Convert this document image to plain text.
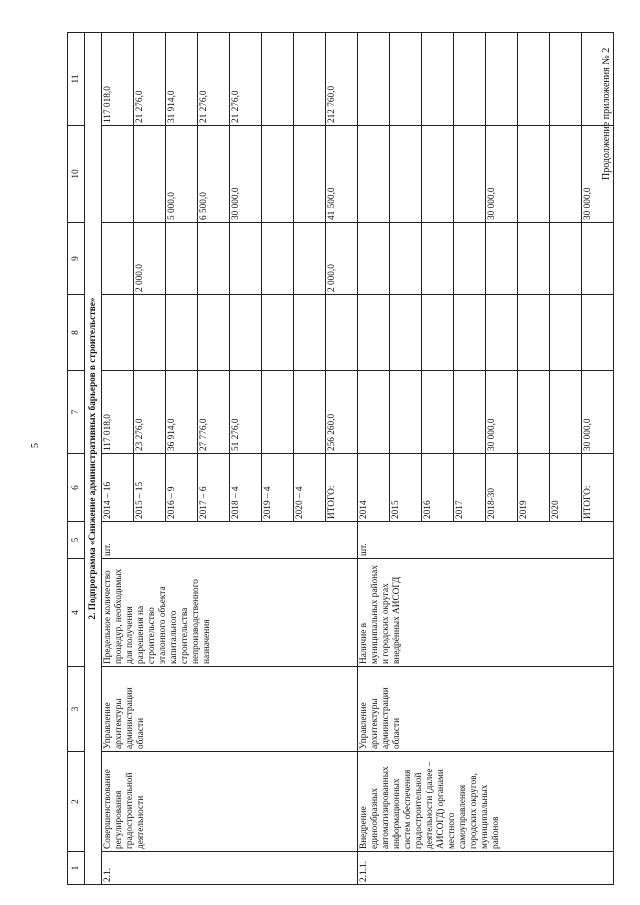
5
Продолжение приложения № 2
1	2	3	4	5	6	7	8	9	10	11
2. Подпрограмма «Снижение административных барьеров в строительстве»										
2.1.	Совершенствование регулирования градостроительной деятельности	Управление архитектуры администрации области	Предельное количество процедур, необходимых для получения разрешения на строительство эталонного объекта капитального строительства непроизводственного назначения	шт.	2014 – 16	117 018,0				117 018,0
					2015 – 15	23 276,0		2 000,0		21 276,0
					2016 – 9	36 914,0			5 000,0	31 914,0
					2017 – 6	27 776,0			6 500,0	21 276,0
					2018 – 4	51 276,0			30 000,0	21 276,0
					2019 – 4					
					2020 – 4					
					ИТОГО:	256 260,0		2 000,0	41 500,0	212 760,0
2.1.1.	Внедрение единообразных автоматизированных информационных систем обеспечения градостроительной деятельности (далее – АИСОГД) органами местного самоуправления городских округов, муниципальных районов	Управление архитектуры администрации области	Наличие в муниципальных районах и городских округах внедрённых АИСОГД	шт.	2014					
					2015					
					2016					
					2017					
					2018-30	30 000,0			30 000,0	
					2019					
					2020					
					ИТОГО:	30 000,0			30 000,0	
